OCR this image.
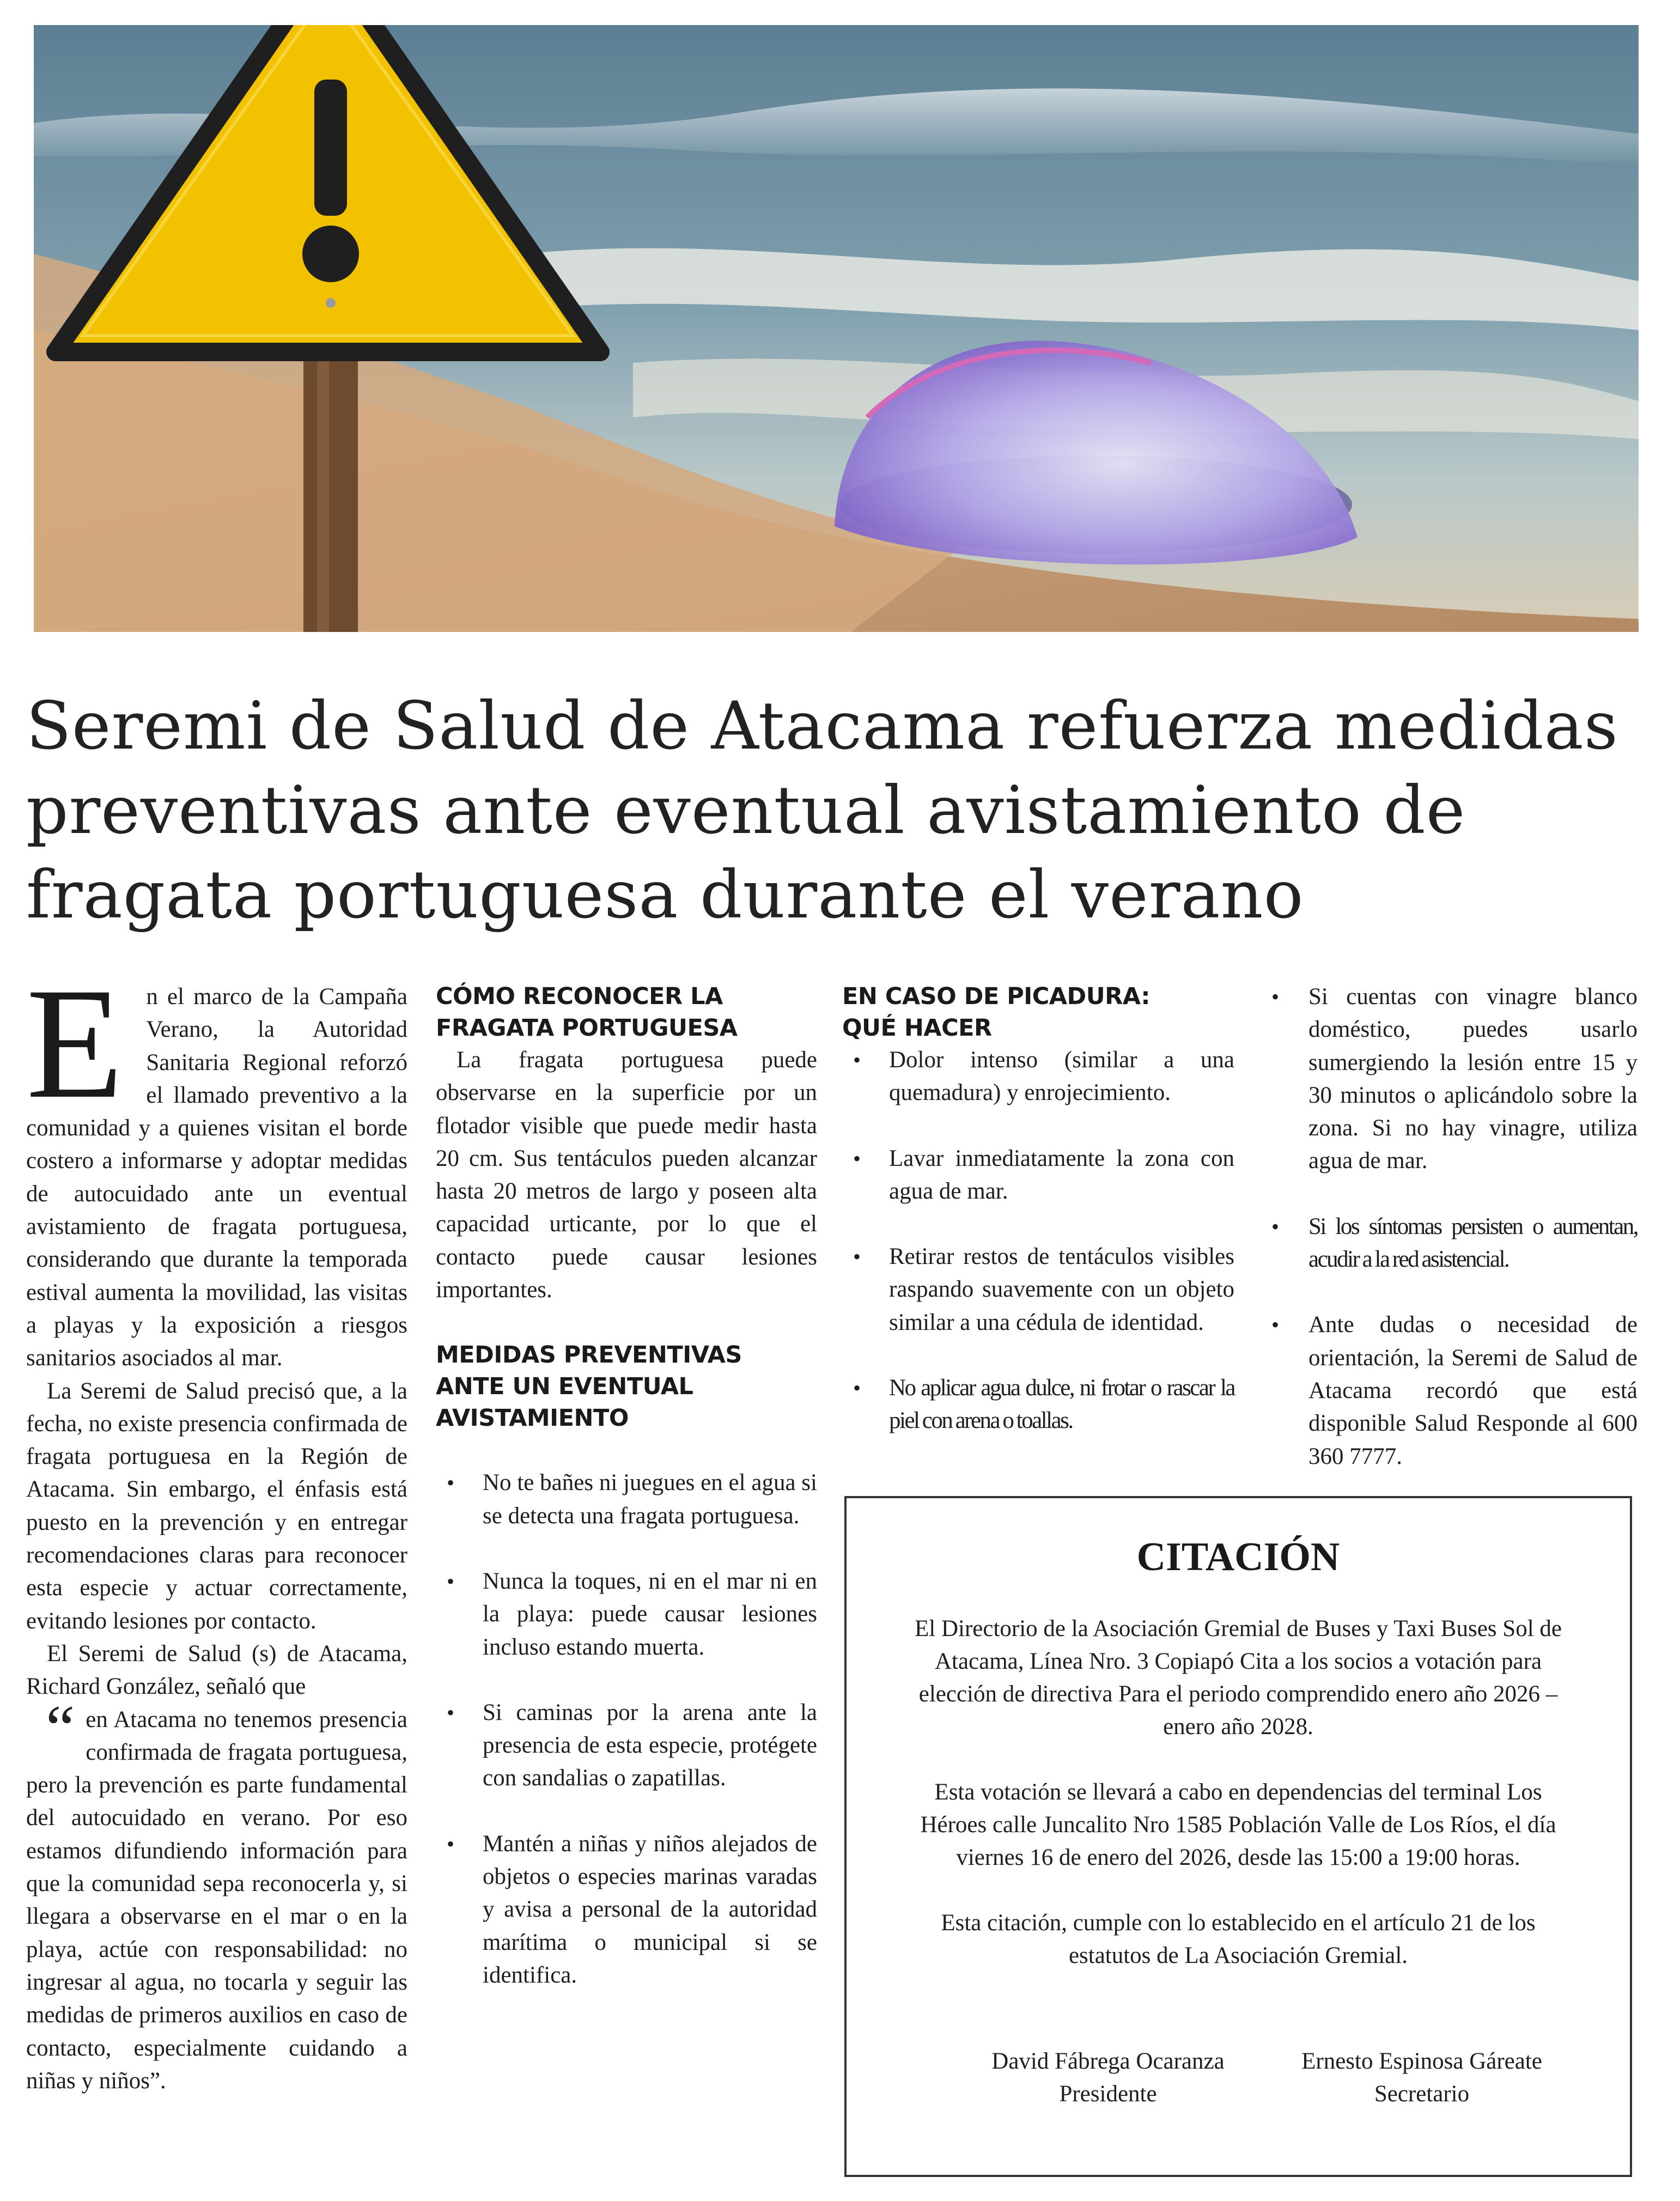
Seremi de Salud de Atacama refuerza medidas
preventivas ante eventual avistamiento de
fragata portuguesa durante el verano

En el marco de la Campaña Verano, la Autoridad Sanitaria Regional reforzó el llamado preventivo a la comunidad y a quienes visitan el borde costero a informarse y adoptar medidas de autocuidado ante un eventual avistamiento de fragata portuguesa, considerando que durante la temporada estival aumenta la movilidad, las visitas a playas y la exposición a riesgos sanitarios asociados al mar.

La Seremi de Salud precisó que, a la fecha, no existe presencia confirmada de fragata portuguesa en la Región de Atacama. Sin embargo, el énfasis está puesto en la prevención y en entregar recomendaciones claras para reconocer esta especie y actuar correctamente, evitando lesiones por contacto.

El Seremi de Salud (s) de Atacama, Richard González, señaló que

“ en Atacama no tenemos presencia confirmada de fragata portuguesa, pero la prevención es parte fundamental del autocuidado en verano. Por eso estamos difundiendo información para que la comunidad sepa reconocerla y, si llegara a observarse en el mar o en la playa, actúe con responsabilidad: no ingresar al agua, no tocarla y seguir las medidas de primeros auxilios en caso de contacto, especialmente cuidando a niñas y niños”.

CÓMO RECONOCER LA
FRAGATA PORTUGUESA

La fragata portuguesa puede observarse en la superficie por un flotador visible que puede medir hasta 20 cm. Sus tentáculos pueden alcanzar hasta 20 metros de largo y poseen alta capacidad urticante, por lo que el contacto puede causar lesiones importantes.

MEDIDAS PREVENTIVAS
ANTE UN EVENTUAL
AVISTAMIENTO

• No te bañes ni juegues en el agua si se detecta una fragata portuguesa.
• Nunca la toques, ni en el mar ni en la playa: puede causar lesiones incluso estando muerta.
• Si caminas por la arena ante la presencia de esta especie, protégete con sandalias o zapatillas.
• Mantén a niñas y niños alejados de objetos o especies marinas varadas y avisa a personal de la autoridad marítima o municipal si se identifica.

EN CASO DE PICADURA:
QUÉ HACER

• Dolor intenso (similar a una quemadura) y enrojecimiento.
• Lavar inmediatamente la zona con agua de mar.
• Retirar restos de tentáculos visibles raspando suavemente con un objeto similar a una cédula de identidad.
• No aplicar agua dulce, ni frotar o rascar la piel con arena o toallas.
• Si cuentas con vinagre blanco doméstico, puedes usarlo sumergiendo la lesión entre 15 y 30 minutos o aplicándolo sobre la zona. Si no hay vinagre, utiliza agua de mar.
• Si los síntomas persisten o aumentan, acudir a la red asistencial.
• Ante dudas o necesidad de orientación, la Seremi de Salud de Atacama recordó que está disponible Salud Responde al 600 360 7777.
CITACIÓN

El Directorio de la Asociación Gremial de Buses y Taxi Buses Sol de Atacama, Línea Nro. 3 Copiapó Cita a los socios a votación para elección de directiva Para el periodo comprendido enero año 2026 – enero año 2028.

Esta votación se llevará a cabo en dependencias del terminal Los Héroes calle Juncalito Nro 1585 Población Valle de Los Ríos, el día viernes 16 de enero del 2026, desde las 15:00 a 19:00 horas.

Esta citación, cumple con lo establecido en el artículo 21 de los estatutos de La Asociación Gremial.

David Fábrega Ocaranza
Presidente
Ernesto Espinosa Gáreate
Secretario
